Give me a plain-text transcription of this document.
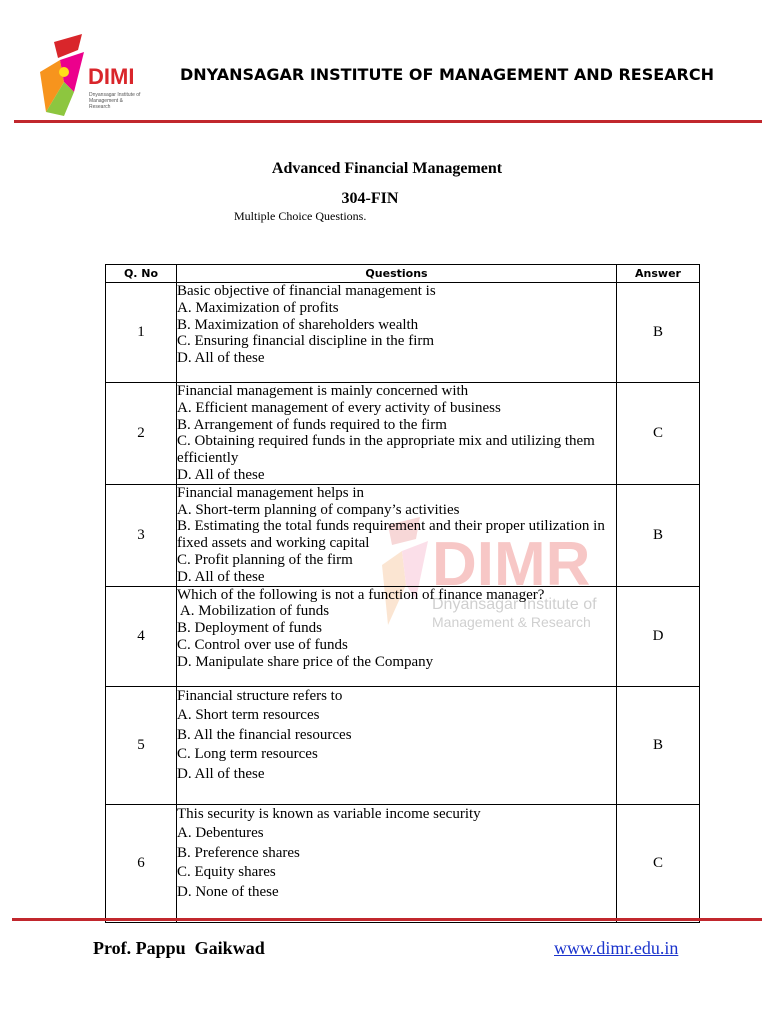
DIMI
Dnyansagar Institute of Management & Research
DNYANSAGAR INSTITUTE OF MANAGEMENT AND RESEARCH
Advanced Financial Management
304-FIN
Multiple Choice Questions.
DIMR
Dnyansagar Institute of
Management & Research
Q. No	Questions	Answer
1	Basic objective of financial management is
A. Maximization of profits
B. Maximization of shareholders wealth
C. Ensuring financial discipline in the firm
D. All of these	B
2	Financial management is mainly concerned with
A. Efficient management of every activity of business
B. Arrangement of funds required to the firm
C. Obtaining required funds in the appropriate mix and utilizing them efficiently
D. All of these	C
3	Financial management helps in
A. Short-term planning of company’s activities
B. Estimating the total funds requirement and their proper utilization in fixed assets and working capital
C. Profit planning of the firm
D. All of these	B
4	Which of the following is not a function of finance manager?
A. Mobilization of funds
B. Deployment of funds
C. Control over use of funds
D. Manipulate share price of the Company	D
5	Financial structure refers to
A. Short term resources
B. All the financial resources
C. Long term resources
D. All of these	B
6	This security is known as variable income security
A. Debentures
B. Preference shares
C. Equity shares
D. None of these	C
Prof. Pappu  Gaikwad	www.dimr.edu.in
